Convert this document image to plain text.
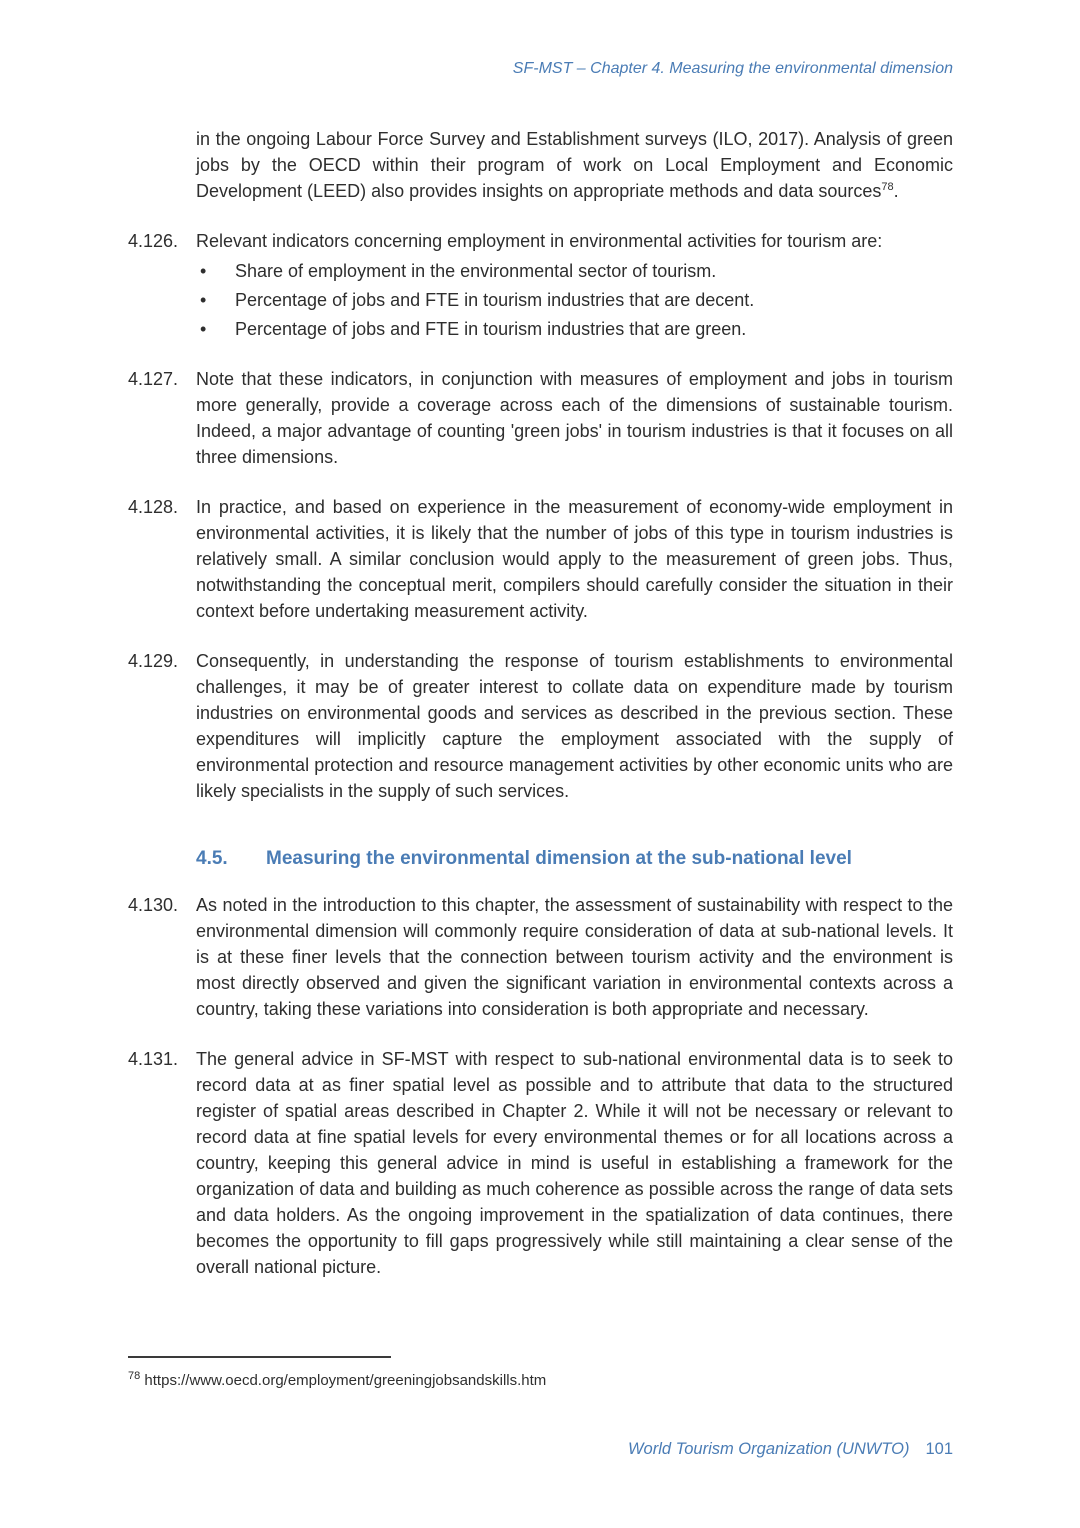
SF-MST – Chapter 4. Measuring the environmental dimension
in the ongoing Labour Force Survey and Establishment surveys (ILO, 2017). Analysis of green jobs by the OECD within their program of work on Local Employment and Economic Development (LEED) also provides insights on appropriate methods and data sources$^{78}$.
4.126. Relevant indicators concerning employment in environmental activities for tourism are:
• Share of employment in the environmental sector of tourism.
• Percentage of jobs and FTE in tourism industries that are decent.
• Percentage of jobs and FTE in tourism industries that are green.
4.127. Note that these indicators, in conjunction with measures of employment and jobs in tourism more generally, provide a coverage across each of the dimensions of sustainable tourism. Indeed, a major advantage of counting 'green jobs' in tourism industries is that it focuses on all three dimensions.
4.128. In practice, and based on experience in the measurement of economy-wide employment in environmental activities, it is likely that the number of jobs of this type in tourism industries is relatively small. A similar conclusion would apply to the measurement of green jobs. Thus, notwithstanding the conceptual merit, compilers should carefully consider the situation in their context before undertaking measurement activity.
4.129. Consequently, in understanding the response of tourism establishments to environmental challenges, it may be of greater interest to collate data on expenditure made by tourism industries on environmental goods and services as described in the previous section. These expenditures will implicitly capture the employment associated with the supply of environmental protection and resource management activities by other economic units who are likely specialists in the supply of such services.
4.5.	Measuring the environmental dimension at the sub-national level
4.130. As noted in the introduction to this chapter, the assessment of sustainability with respect to the environmental dimension will commonly require consideration of data at sub-national levels. It is at these finer levels that the connection between tourism activity and the environment is most directly observed and given the significant variation in environmental contexts across a country, taking these variations into consideration is both appropriate and necessary.
4.131. The general advice in SF-MST with respect to sub-national environmental data is to seek to record data at as finer spatial level as possible and to attribute that data to the structured register of spatial areas described in Chapter 2. While it will not be necessary or relevant to record data at fine spatial levels for every environmental themes or for all locations across a country, keeping this general advice in mind is useful in establishing a framework for the organization of data and building as much coherence as possible across the range of data sets and data holders. As the ongoing improvement in the spatialization of data continues, there becomes the opportunity to fill gaps progressively while still maintaining a clear sense of the overall national picture.
$^{78}$ https://www.oecd.org/employment/greeningjobsandskills.htm
World Tourism Organization (UNWTO) 101
